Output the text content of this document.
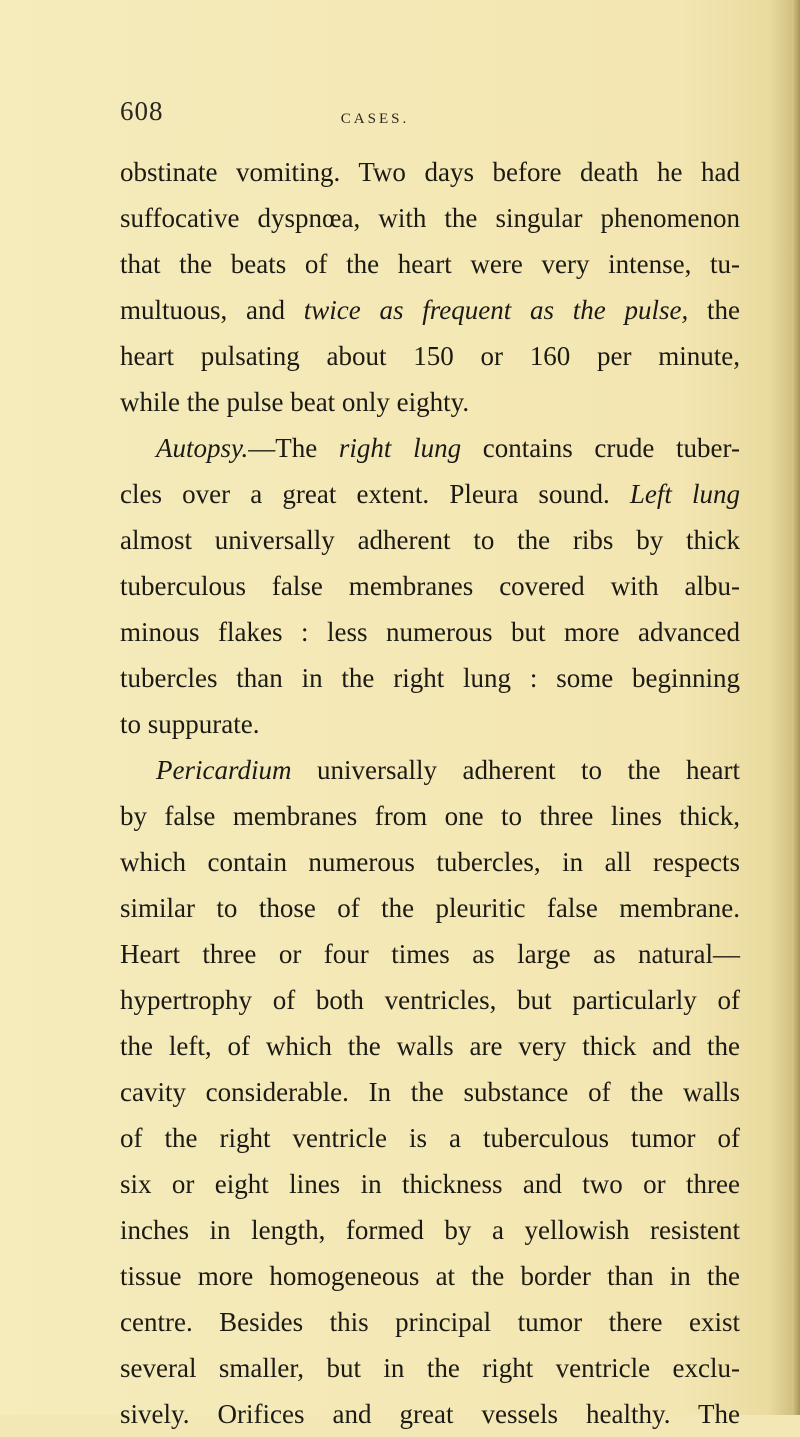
608	CASES.
obstinate vomiting. Two days before death he had
suffocative dyspnœa, with the singular phenomenon
that the beats of the heart were very intense, tu-
multuous, and twice as frequent as the pulse, the
heart pulsating about 150 or 160 per minute,
while the pulse beat only eighty.
Autopsy.—The right lung contains crude tuber-
cles over a great extent. Pleura sound. Left lung
almost universally adherent to the ribs by thick
tuberculous false membranes covered with albu-
minous flakes : less numerous but more advanced
tubercles than in the right lung : some beginning
to suppurate.
Pericardium universally adherent to the heart
by false membranes from one to three lines thick,
which contain numerous tubercles, in all respects
similar to those of the pleuritic false membrane.
Heart three or four times as large as natural—
hypertrophy of both ventricles, but particularly of
the left, of which the walls are very thick and the
cavity considerable. In the substance of the walls
of the right ventricle is a tuberculous tumor of
six or eight lines in thickness and two or three
inches in length, formed by a yellowish resistent
tissue more homogeneous at the border than in the
centre. Besides this principal tumor there exist
several smaller, but in the right ventricle exclu-
sively. Orifices and great vessels healthy. The
